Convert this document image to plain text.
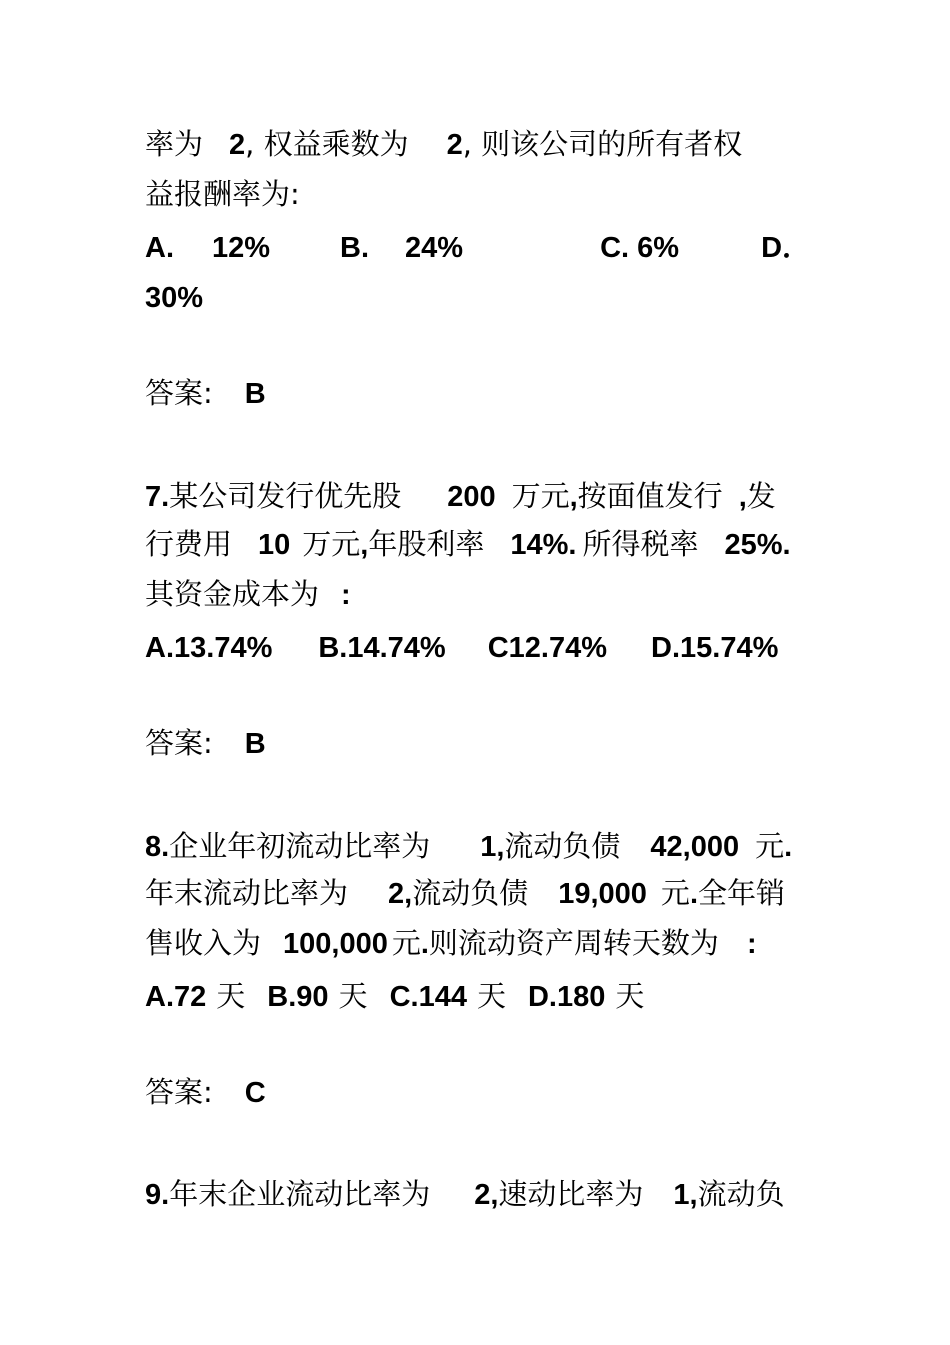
率为 2, 权益乘数为 2, 则该公司的所有者权

益报酬率为:

A. 12% B. 24%	C. 6%	D．

30%

答案: B

7.某公司发行优先股 200 万元,按面值发行 ,发

行费用 10 万元,年股利率 14%. 所得税率 25%.

其资金成本为 :

A.13.74% B.14.74% C12.74% D.15.74%

答案: B

8.企业年初流动比率为 1,流动负债 42,000 元.

年末流动比率为 2,流动负债 19,000 元.全年销

售收入为 100,000 元.则流动资产周转天数为 :

A.72 天 B.90 天 C.144 天 D.180 天

答案: C

9.年末企业流动比率为 2,速动比率为 1,流动负
